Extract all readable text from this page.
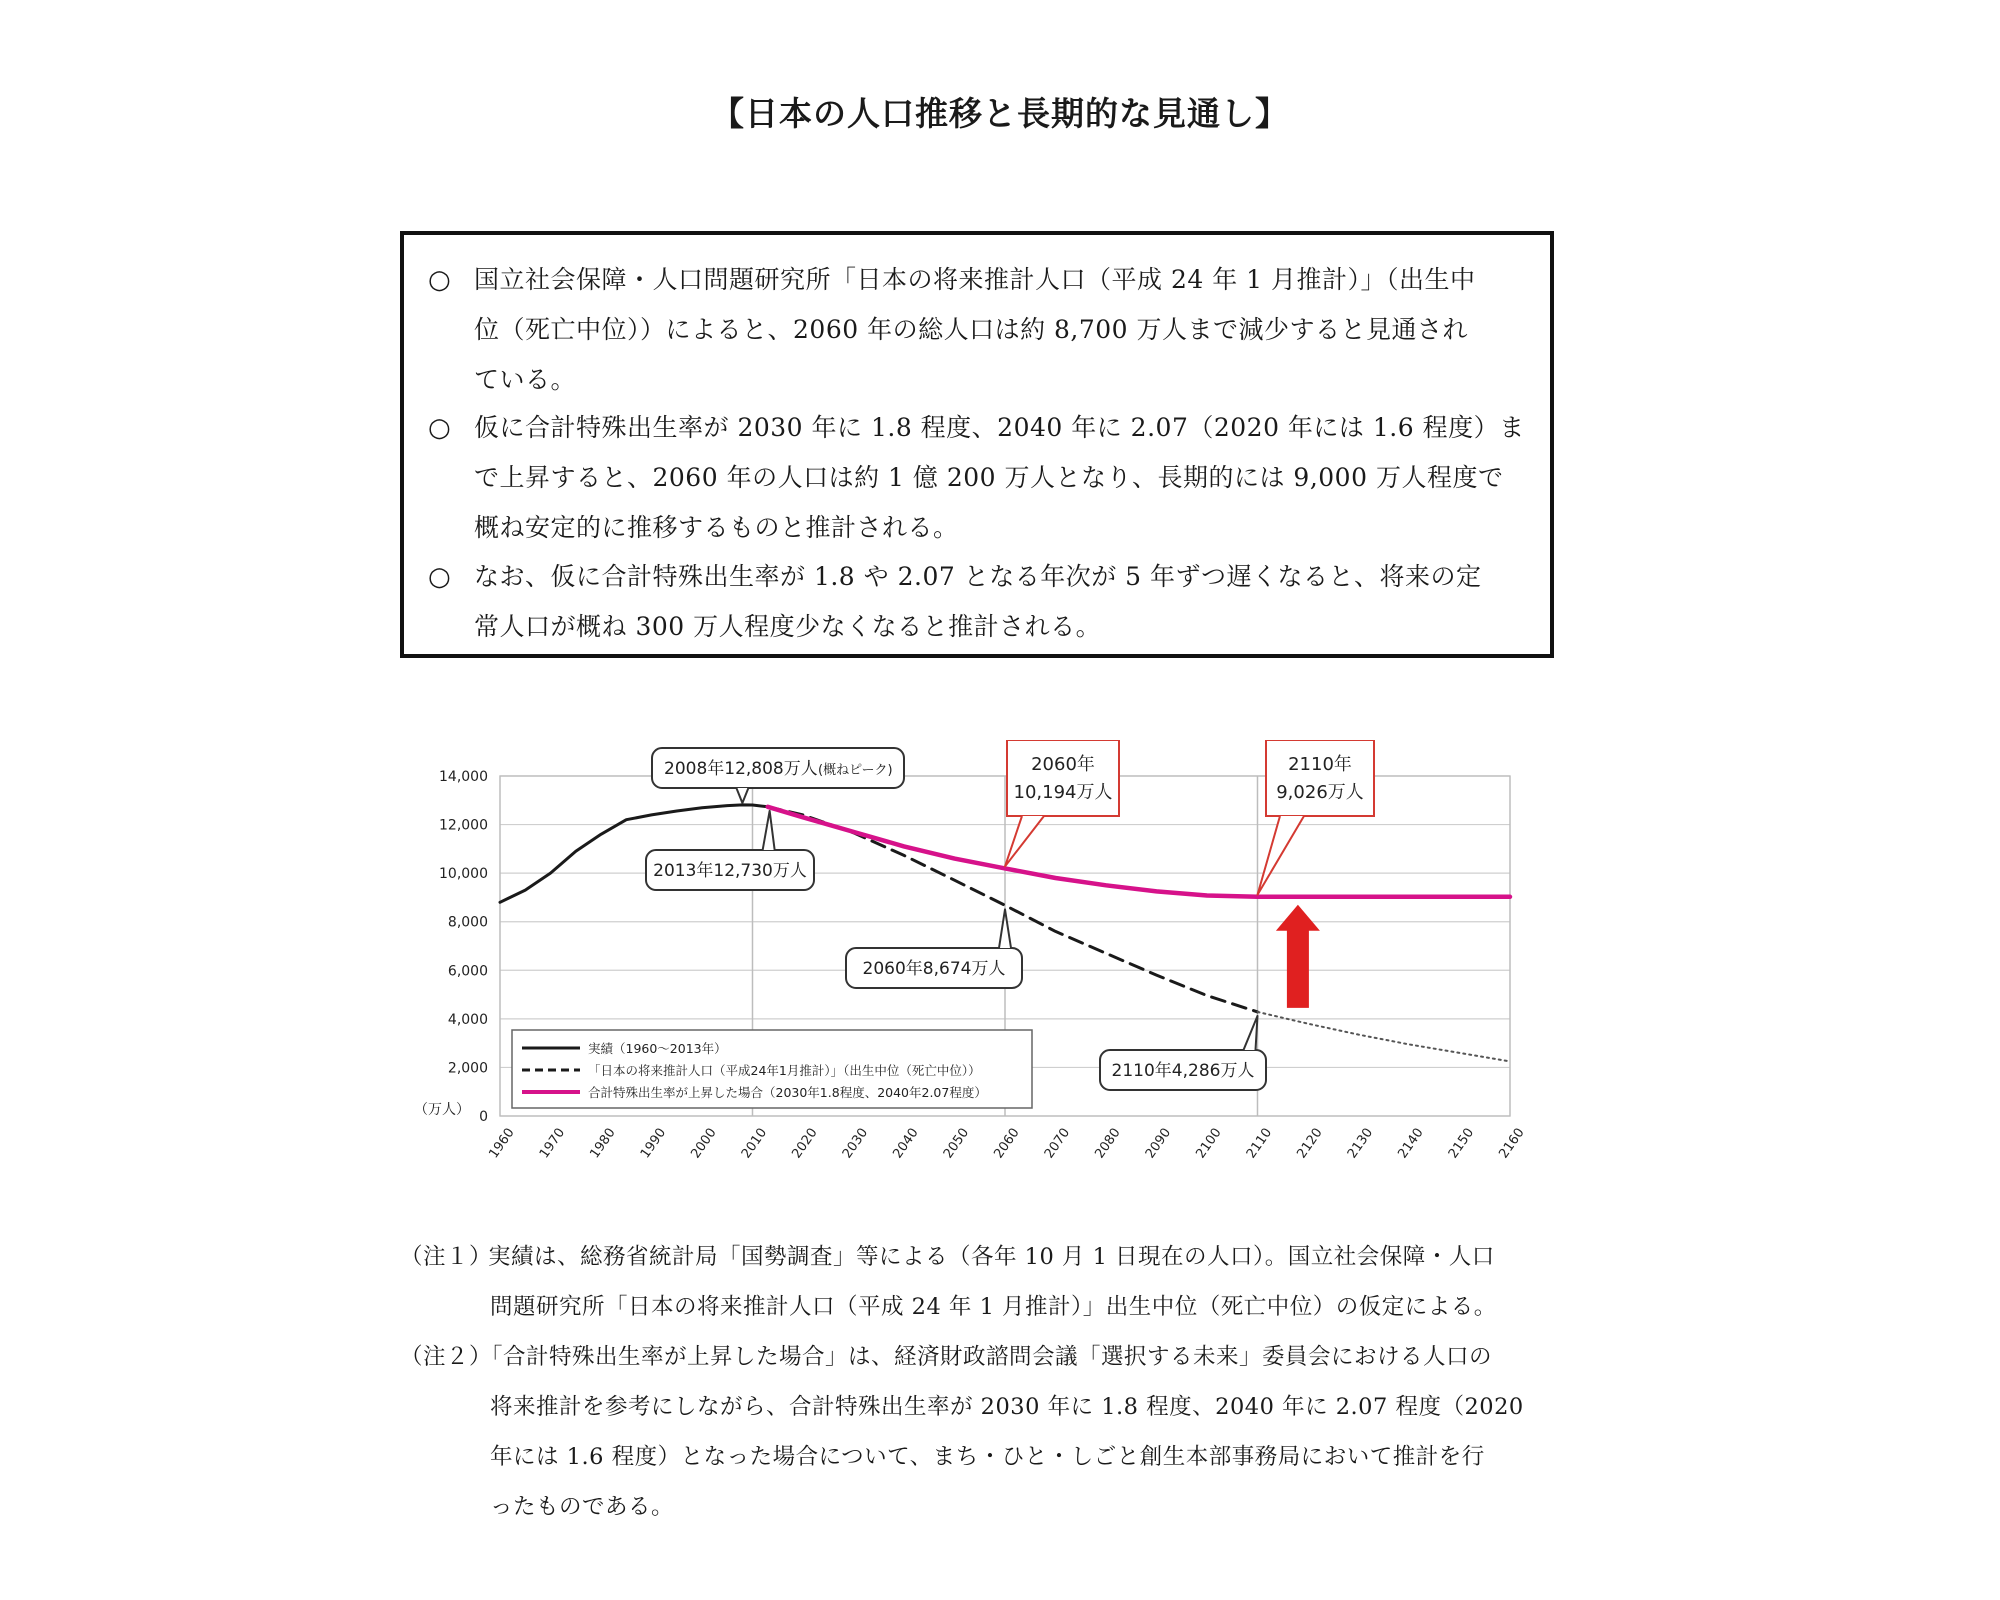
【日本の人口推移と長期的な見通し】
○ 国立社会保障・人口問題研究所「日本の将来推計人口（平成 24 年 1 月推計）」（出生中
位（死亡中位））によると、2060 年の総人口は約 8,700 万人まで減少すると見通され
ている。
○ 仮に合計特殊出生率が 2030 年に 1.8 程度、2040 年に 2.07（2020 年には 1.6 程度）ま
で上昇すると、2060 年の人口は約 1 億 200 万人となり、長期的には 9,000 万人程度で
概ね安定的に推移するものと推計される。
○ なお、仮に合計特殊出生率が 1.8 や 2.07 となる年次が 5 年ずつ遅くなると、将来の定
常人口が概ね 300 万人程度少なくなると推計される。
0
2,000
4,000
6,000
8,000
10,000
12,000
14,000
（万人）
1960 1970 1980 1990 2000 2010 2020 2030 2040 2050 2060 2070 2080 2090 2100 2110 2120 2130 2140 2150 2160
2008年12,808万人 (概ねピーク)
2013年12,730万人
2060年8,674万人
2110年4,286万人
2060年
10,194万人
2110年
9,026万人
実績（1960～2013年）
「日本の将来推計人口（平成24年1月推計）」（出生中位（死亡中位））
合計特殊出生率が上昇した場合（2030年1.8程度、2040年2.07程度）
（注１）
実績は、総務省統計局「国勢調査」等による（各年 10 月 1 日現在の人口）。国立社会保障・人口
問題研究所「日本の将来推計人口（平成 24 年 1 月推計）」出生中位（死亡中位）の仮定による。
（注２）
「合計特殊出生率が上昇した場合」は、経済財政諮問会議「選択する未来」委員会における人口の
将来推計を参考にしながら、合計特殊出生率が 2030 年に 1.8 程度、2040 年に 2.07 程度（2020
年には 1.6 程度）となった場合について、まち・ひと・しごと創生本部事務局において推計を行
ったものである。
